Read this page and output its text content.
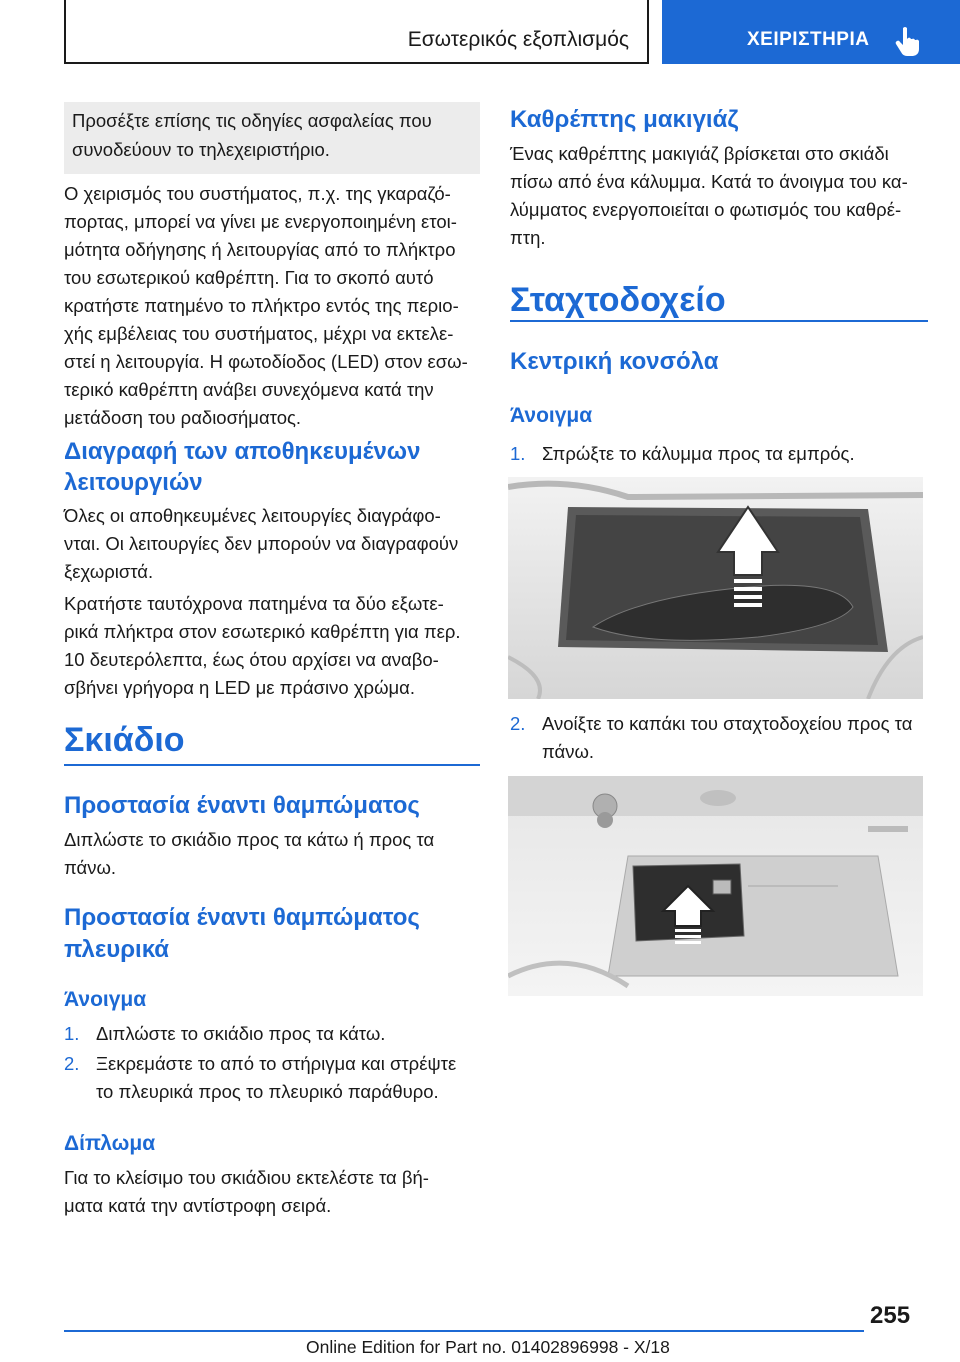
Εσωτερικός εξοπλισμός	ΧΕΙΡΙΣΤΗΡΙΑ
Προσέξτε επίσης τις οδηγίες ασφαλείας που
συνοδεύουν το τηλεχειριστήριο.

Ο χειρισμός του συστήματος, π.χ. της γκαραζό-

πορτας, μπορεί να γίνει με ενεργοποιημένη ετοι-

μότητα οδήγησης ή λειτουργίας από το πλήκτρο

του εσωτερικού καθρέπτη. Για το σκοπό αυτό

κρατήστε πατημένο το πλήκτρο εντός της περιο-

χής εμβέλειας του συστήματος, μέχρι να εκτελε-

στεί η λειτουργία. Η φωτοδίοδος (LED) στον εσω-

τερικό καθρέπτη ανάβει συνεχόμενα κατά την

μετάδοση του ραδιοσήματος.

Διαγραφή των αποθηκευμένων
λειτουργιών

Όλες οι αποθηκευμένες λειτουργίες διαγράφο-

νται. Οι λειτουργίες δεν μπορούν να διαγραφούν

ξεχωριστά.

Κρατήστε ταυτόχρονα πατημένα τα δύο εξωτε-

ρικά πλήκτρα στον εσωτερικό καθρέπτη για περ.

10 δευτερόλεπτα, έως ότου αρχίσει να αναβο-

σβήνει γρήγορα η LED με πράσινο χρώμα.

Σκιάδιο
Προστασία έναντι θαμπώματος

Διπλώστε το σκιάδιο προς τα κάτω ή προς τα

πάνω.

Προστασία έναντι θαμπώματος
πλευρικά
Άνοιγμα
1. Διπλώστε το σκιάδιο προς τα κάτω.
2. Ξεκρεμάστε το από το στήριγμα και στρέψτε
το πλευρικά προς το πλευρικό παράθυρο.
Δίπλωμα

Για το κλείσιμο του σκιάδιου εκτελέστε τα βή-

ματα κατά την αντίστροφη σειρά.

Καθρέπτης μακιγιάζ

Ένας καθρέπτης μακιγιάζ βρίσκεται στο σκιάδι

πίσω από ένα κάλυμμα. Κατά το άνοιγμα του κα-

λύμματος ενεργοποιείται ο φωτισμός του καθρέ-

πτη.

Σταχτοδοχείο
Κεντρική κονσόλα
Άνοιγμα
1. Σπρώξτε το κάλυμμα προς τα εμπρός.
2. Ανοίξτε το καπάκι του σταχτοδοχείου προς τα
πάνω.
255
Online Edition for Part no. 01402896998 - X/18
